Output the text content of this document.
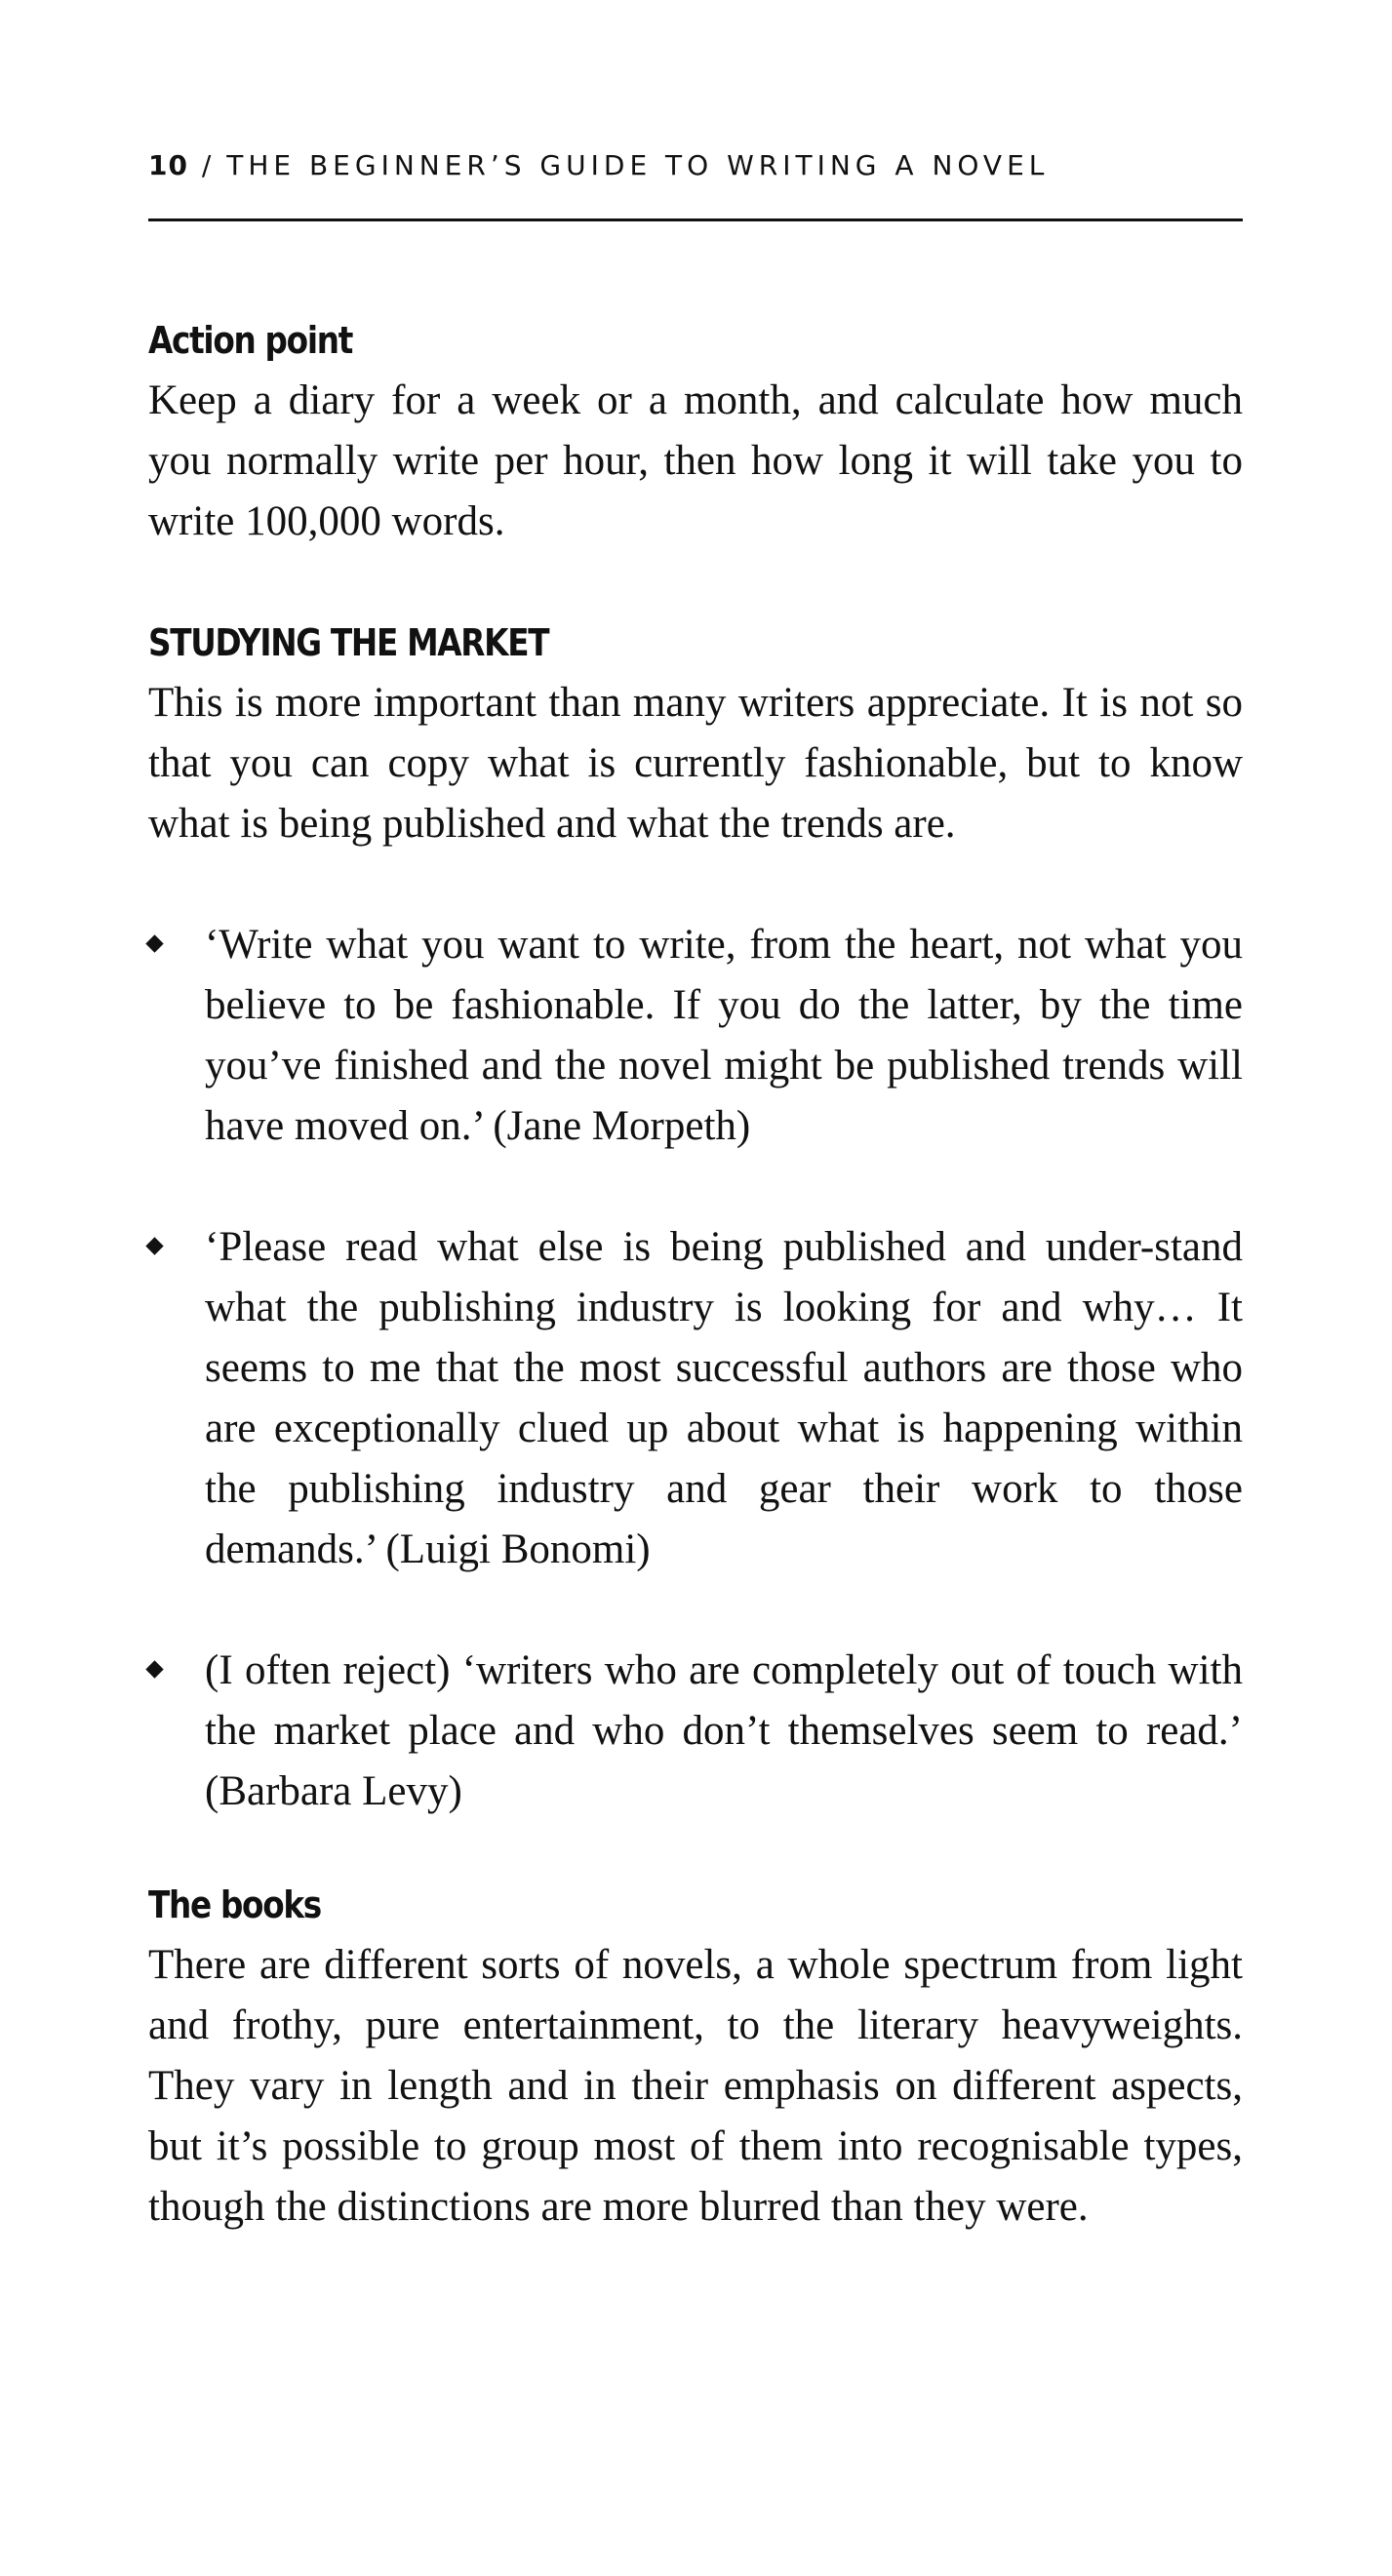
10 / THE BEGINNER’S GUIDE TO WRITING A NOVEL
Action point

Keep a diary for a week or a month, and calculate how much you normally write per hour, then how long it will take you to write 100,000 words.

STUDYING THE MARKET

This is more important than many writers appreciate. It is not so that you can copy what is currently fashionable, but to know what is being published and what the trends are.

‘Write what you want to write, from the heart, not what you believe to be fashionable. If you do the latter, by the time you’ve finished and the novel might be published trends will have moved on.’ (Jane Morpeth)

‘Please read what else is being published and under-stand what the publishing industry is looking for and why… It seems to me that the most successful authors are those who are exceptionally clued up about what is happening within the publishing industry and gear their work to those demands.’ (Luigi Bonomi)

(I often reject) ‘writers who are completely out of touch with the market place and who don’t themselves seem to read.’ (Barbara Levy)

The books

There are different sorts of novels, a whole spectrum from light and frothy, pure entertainment, to the literary heavyweights. They vary in length and in their emphasis on different aspects, but it’s possible to group most of them into recognisable types, though the distinctions are more blurred than they were.
